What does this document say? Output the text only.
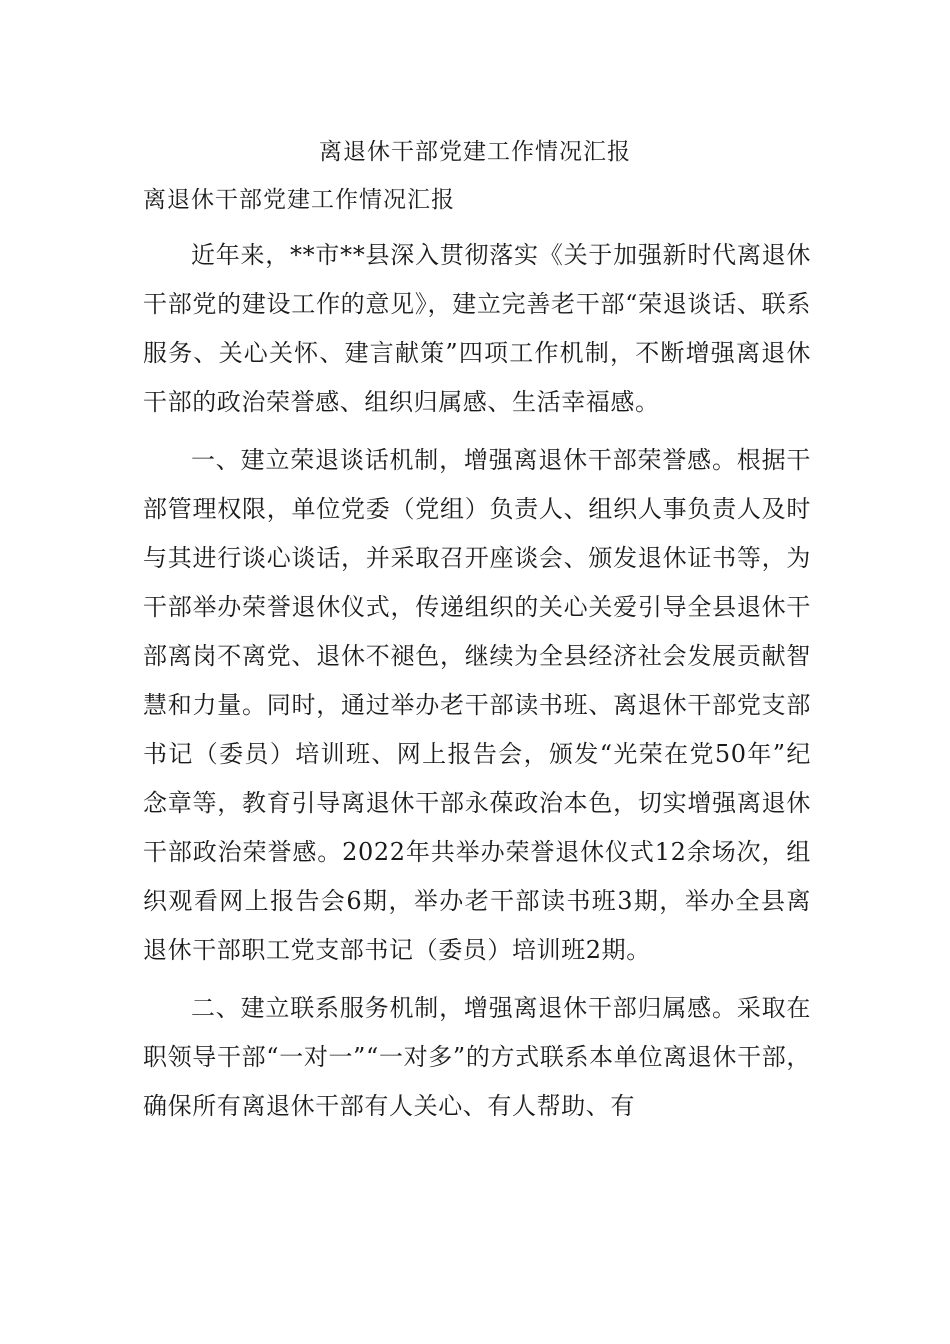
离退休干部党建工作情况汇报
离退休干部党建工作情况汇报

近年来，**市**县深入贯彻落实《关于加强新时代离退休干部党的建设工作的意见》，建立完善老干部“荣退谈话、联系服务、关心关怀、建言献策”四项工作机制，不断增强离退休干部的政治荣誉感、组织归属感、生活幸福感。

一、建立荣退谈话机制，增强离退休干部荣誉感。根据干部管理权限，单位党委（党组）负责人、组织人事负责人及时与其进行谈心谈话，并采取召开座谈会、颁发退休证书等，为干部举办荣誉退休仪式，传递组织的关心关爱引导全县退休干部离岗不离党、退休不褪色，继续为全县经济社会发展贡献智慧和力量。同时，通过举办老干部读书班、离退休干部党支部书记（委员）培训班、网上报告会，颁发“光荣在党50年”纪念章等，教育引导离退休干部永葆政治本色，切实增强离退休干部政治荣誉感。2022年共举办荣誉退休仪式12余场次，组织观看网上报告会6期，举办老干部读书班3期，举办全县离退休干部职工党支部书记（委员）培训班2期。

二、建立联系服务机制，增强离退休干部归属感。采取在职领导干部“一对一”“一对多”的方式联系本单位离退休干部，确保所有离退休干部有人关心、有人帮助、有
